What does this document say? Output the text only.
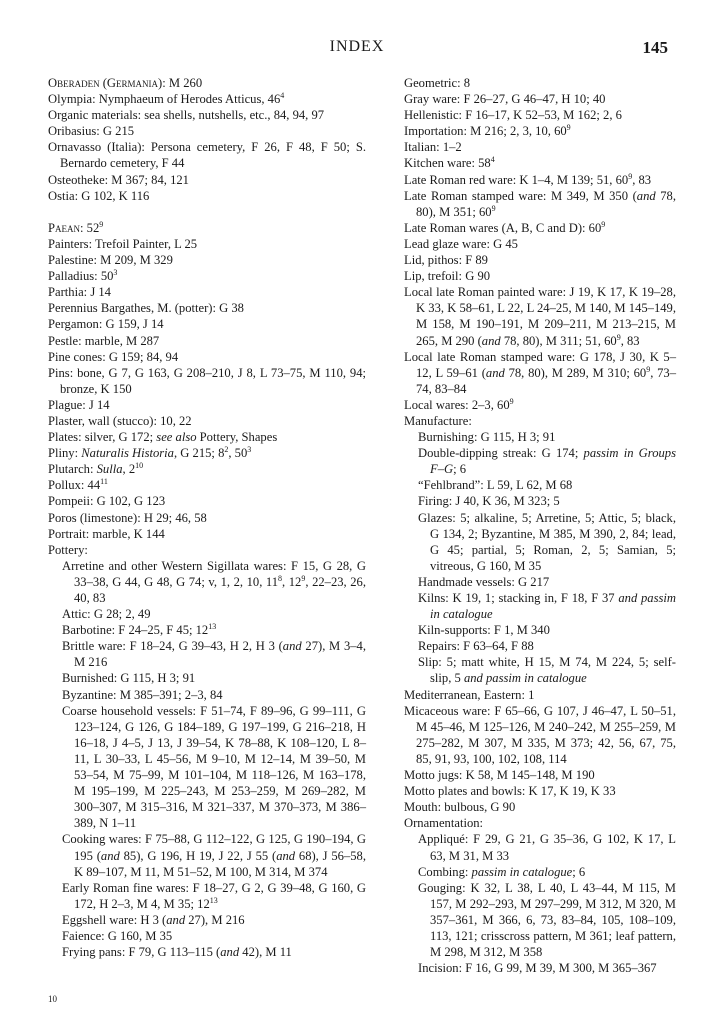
INDEX	145
Oberaden (Germania): M 260
Olympia: Nymphaeum of Herodes Atticus, $46^4$
Organic materials: sea shells, nutshells, etc., 84, 94, 97
Oribasius: G 215
Ornavasso (Italia): Persona cemetery, F 26, F 48, F 50; S. Bernardo cemetery, F 44
Osteotheke: M 367; 84, 121
Ostia: G 102, K 116
Paean: $52^9$
Painters: Trefoil Painter, L 25
Palestine: M 209, M 329
Palladius: $50^3$
Parthia: J 14
Perennius Bargathes, M. (potter): G 38
Pergamon: G 159, J 14
Pestle: marble, M 287
Pine cones: G 159; 84, 94
Pins: bone, G 7, G 163, G 208–210, J 8, L 73–75, M 110, 94; bronze, K 150
Plague: J 14
Plaster, wall (stucco): 10, 22
Plates: silver, G 172; see also Pottery, Shapes
Pliny: Naturalis Historia, G 215; $8^2$, $50^3$
Plutarch: Sulla, $2^{10}$
Pollux: $44^{11}$
Pompeii: G 102, G 123
Poros (limestone): H 29; 46, 58
Portrait: marble, K 144
Pottery:
Arretine and other Western Sigillata wares: F 15, G 28, G 33–38, G 44, G 48, G 74; v, 1, 2, 10, $11^8$, $12^9$, 22–23, 26, 40, 83
Attic: G 28; 2, 49
Barbotine: F 24–25, F 45; $12^{13}$
Brittle ware: F 18–24, G 39–43, H 2, H 3 (and 27), M 3–4, M 216
Burnished: G 115, H 3; 91
Byzantine: M 385–391; 2–3, 84
Coarse household vessels: F 51–74, F 89–96, G 99–111, G 123–124, G 126, G 184–189, G 197–199, G 216–218, H 16–18, J 4–5, J 13, J 39–54, K 78–88, K 108–120, L 8–11, L 30–33, L 45–56, M 9–10, M 12–14, M 39–50, M 53–54, M 75–99, M 101–104, M 118–126, M 163–178, M 195–199, M 225–243, M 253–259, M 269–282, M 300–307, M 315–316, M 321–337, M 370–373, M 386–389, N 1–11
Cooking wares: F 75–88, G 112–122, G 125, G 190–194, G 195 (and 85), G 196, H 19, J 22, J 55 (and 68), J 56–58, K 89–107, M 11, M 51–52, M 100, M 314, M 374
Early Roman fine wares: F 18–27, G 2, G 39–48, G 160, G 172, H 2–3, M 4, M 35; $12^{13}$
Eggshell ware: H 3 (and 27), M 216
Faience: G 160, M 35
Frying pans: F 79, G 113–115 (and 42), M 11
Geometric: 8
Gray ware: F 26–27, G 46–47, H 10; 40
Hellenistic: F 16–17, K 52–53, M 162; 2, 6
Importation: M 216; 2, 3, 10, $60^9$
Italian: 1–2
Kitchen ware: $58^4$
Late Roman red ware: K 1–4, M 139; 51, $60^9$, 83
Late Roman stamped ware: M 349, M 350 (and 78, 80), M 351; $60^9$
Late Roman wares (A, B, C and D): $60^9$
Lead glaze ware: G 45
Lid, pithos: F 89
Lip, trefoil: G 90
Local late Roman painted ware: J 19, K 17, K 19–28, K 33, K 58–61, L 22, L 24–25, M 140, M 145–149, M 158, M 190–191, M 209–211, M 213–215, M 265, M 290 (and 78, 80), M 311; 51, $60^9$, 83
Local late Roman stamped ware: G 178, J 30, K 5–12, L 59–61 (and 78, 80), M 289, M 310; $60^9$, 73–74, 83–84
Local wares: 2–3, $60^9$
Manufacture:
Burnishing: G 115, H 3; 91
Double-dipping streak: G 174; passim in Groups F–G; 6
“Fehlbrand”: L 59, L 62, M 68
Firing: J 40, K 36, M 323; 5
Glazes: 5; alkaline, 5; Arretine, 5; Attic, 5; black, G 134, 2; Byzantine, M 385, M 390, 2, 84; lead, G 45; partial, 5; Roman, 2, 5; Samian, 5; vitreous, G 160, M 35
Handmade vessels: G 217
Kilns: K 19, 1; stacking in, F 18, F 37 and passim in catalogue
Kiln-supports: F 1, M 340
Repairs: F 63–64, F 88
Slip: 5; matt white, H 15, M 74, M 224, 5; self-slip, 5 and passim in catalogue
Mediterranean, Eastern: 1
Micaceous ware: F 65–66, G 107, J 46–47, L 50–51, M 45–46, M 125–126, M 240–242, M 255–259, M 275–282, M 307, M 335, M 373; 42, 56, 67, 75, 85, 91, 93, 100, 102, 108, 114
Motto jugs: K 58, M 145–148, M 190
Motto plates and bowls: K 17, K 19, K 33
Mouth: bulbous, G 90
Ornamentation:
Appliqué: F 29, G 21, G 35–36, G 102, K 17, L 63, M 31, M 33
Combing: passim in catalogue; 6
Gouging: K 32, L 38, L 40, L 43–44, M 115, M 157, M 292–293, M 297–299, M 312, M 320, M 357–361, M 366, 6, 73, 83–84, 105, 108–109, 113, 121; crisscross pattern, M 361; leaf pattern, M 298, M 312, M 358
Incision: F 16, G 99, M 39, M 300, M 365–367
10
